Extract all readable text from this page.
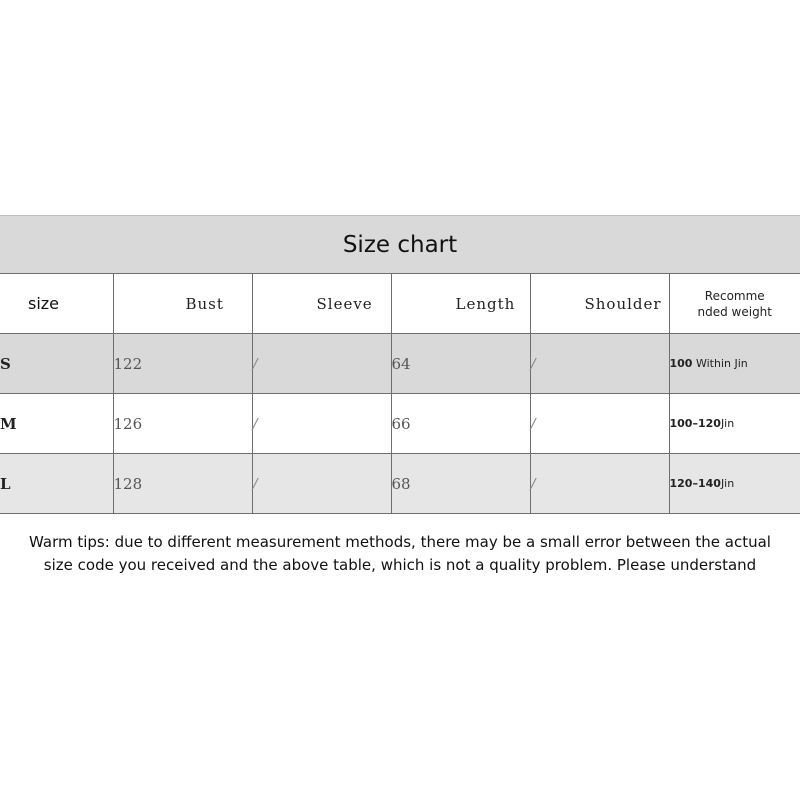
Size chart
size	Bust	Sleeve	Length	Shoulder	Recomme
nded weight

S	122	/	64	/	100 Within Jin
M	126	/	66	/	100–120Jin
L	128	/	68	/	120–140Jin
Warm tips: due to different measurement methods, there may be a small error between the actual
size code you received and the above table, which is not a quality problem. Please understand
